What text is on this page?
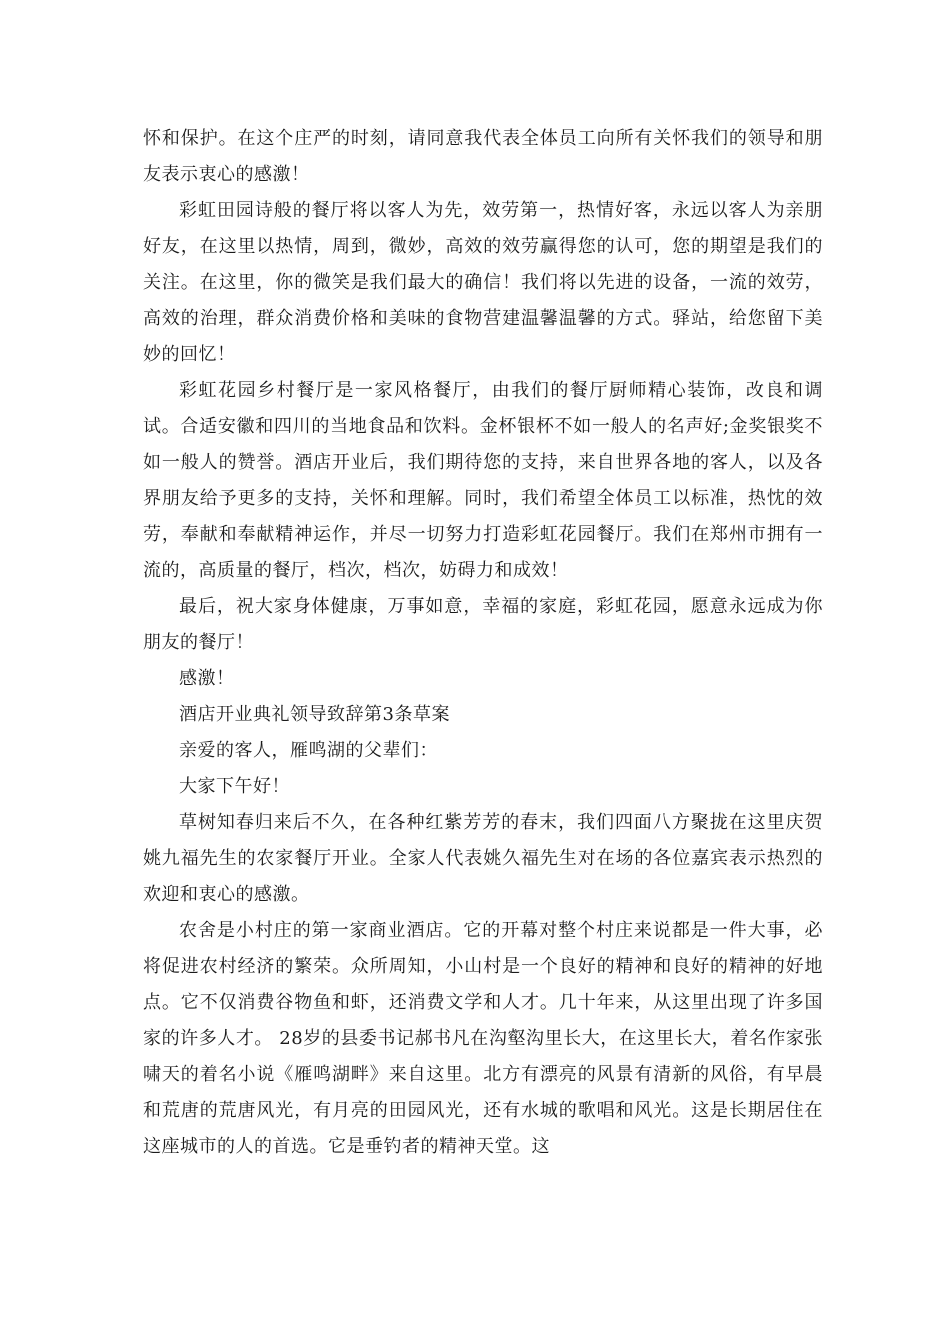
怀和保护。在这个庄严的时刻，请同意我代表全体员工向所有关怀我们的领导和朋友表示衷心的感激！

彩虹田园诗般的餐厅将以客人为先，效劳第一，热情好客，永远以客人为亲朋好友，在这里以热情，周到，微妙，高效的效劳赢得您的认可，您的期望是我们的关注。在这里，你的微笑是我们最大的确信！我们将以先进的设备，一流的效劳，高效的治理，群众消费价格和美味的食物营建温馨温馨的方式。驿站，给您留下美妙的回忆！

彩虹花园乡村餐厅是一家风格餐厅，由我们的餐厅厨师精心装饰，改良和调试。合适安徽和四川的当地食品和饮料。金杯银杯不如一般人的名声好;金奖银奖不如一般人的赞誉。酒店开业后，我们期待您的支持，来自世界各地的客人，以及各界朋友给予更多的支持，关怀和理解。同时，我们希望全体员工以标准，热忱的效劳，奉献和奉献精神运作，并尽一切努力打造彩虹花园餐厅。我们在郑州市拥有一流的，高质量的餐厅，档次，档次，妨碍力和成效！

最后，祝大家身体健康，万事如意，幸福的家庭，彩虹花园，愿意永远成为你朋友的餐厅！

感激！

酒店开业典礼领导致辞第3条草案

亲爱的客人，雁鸣湖的父辈们：

大家下午好！

草树知春归来后不久，在各种红紫芳芳的春末，我们四面八方聚拢在这里庆贺姚九福先生的农家餐厅开业。全家人代表姚久福先生对在场的各位嘉宾表示热烈的欢迎和衷心的感激。

农舍是小村庄的第一家商业酒店。它的开幕对整个村庄来说都是一件大事，必将促进农村经济的繁荣。众所周知，小山村是一个良好的精神和良好的精神的好地点。它不仅消费谷物鱼和虾，还消费文学和人才。几十年来，从这里出现了许多国家的许多人才。 28岁的县委书记郝书凡在沟壑沟里长大，在这里长大，着名作家张啸天的着名小说《雁鸣湖畔》来自这里。北方有漂亮的风景有清新的风俗，有早晨和荒唐的荒唐风光，有月亮的田园风光，还有水城的歌唱和风光。这是长期居住在这座城市的人的首选。它是垂钓者的精神天堂。这
